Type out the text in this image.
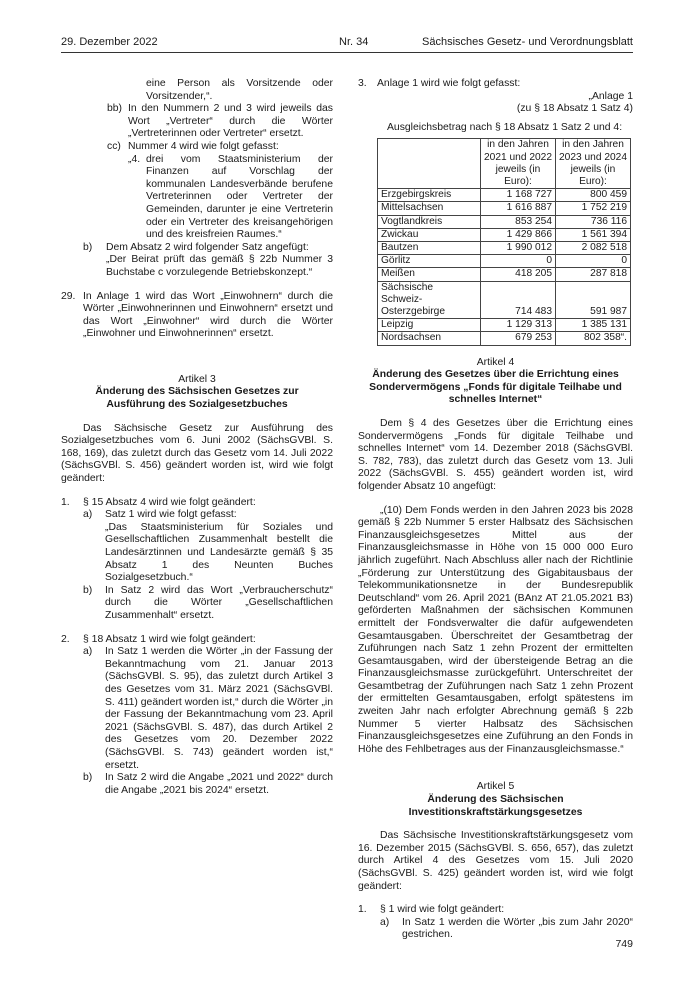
29. Dezember 2022	Nr. 34	Sächsisches Gesetz- und Verordnungsblatt

eine Person als Vorsitzende oder Vorsitzender,“.

bb) In den Nummern 2 und 3 wird jeweils das Wort „Vertreter“ durch die Wörter „Vertreterinnen oder Vertreter“ ersetzt.

cc) Nummer 4 wird wie folgt gefasst:

„4. drei vom Staatsministerium der Finanzen auf Vorschlag der kommunalen Landesverbände berufene Vertreterinnen oder Vertreter der Gemeinden, darunter je eine Vertreterin oder ein Vertreter des kreisangehörigen und des kreisfreien Raumes.“

b)	Dem Absatz 2 wird folgender Satz angefügt:

„Der Beirat prüft das gemäß § 22b Nummer 3 Buchstabe c vorzulegende Betriebskonzept.“

29. In Anlage 1 wird das Wort „Einwohnern“ durch die Wörter „Einwohnerinnen und Einwohnern“ ersetzt und das Wort „Einwohner“ wird durch die Wörter „Einwohner und Einwohnerinnen“ ersetzt.

Artikel 3

Änderung des Sächsischen Gesetzes zur Ausführung des Sozialgesetzbuches

Das Sächsische Gesetz zur Ausführung des Sozialgesetzbuches vom 6. Juni 2002 (SächsGVBl. S. 168, 169), das zuletzt durch das Gesetz vom 14. Juli 2022 (SächsGVBl. S. 456) geändert worden ist, wird wie folgt geändert:

1.	§ 15 Absatz 4 wird wie folgt geändert:

a)	Satz 1 wird wie folgt gefasst:

„Das Staatsministerium für Soziales und Gesellschaftlichen Zusammenhalt bestellt die Landesärztinnen und Landesärzte gemäß § 35 Absatz 1 des Neunten Buches Sozialgesetzbuch.“

b)	In Satz 2 wird das Wort „Verbraucherschutz“ durch die Wörter „Gesellschaftlichen Zusammenhalt“ ersetzt.

2.	§ 18 Absatz 1 wird wie folgt geändert:

a)	In Satz 1 werden die Wörter „in der Fassung der Bekanntmachung vom 21. Januar 2013 (SächsGVBl. S. 95), das zuletzt durch Artikel 3 des Gesetzes vom 31. März 2021 (SächsGVBl. S. 411) geändert worden ist,“ durch die Wörter „in der Fassung der Bekanntmachung vom 23. April 2021 (SächsGVBl. S. 487), das durch Artikel 2 des Gesetzes vom 20. Dezember 2022 (SächsGVBl. S. 743) geändert worden ist,“ ersetzt.

b)	In Satz 2 wird die Angabe „2021 und 2022“ durch die Angabe „2021 bis 2024“ ersetzt.

3. Anlage 1 wird wie folgt gefasst:

„Anlage 1

(zu § 18 Absatz 1 Satz 4)

Ausgleichsbetrag nach § 18 Absatz 1 Satz 2 und 4:

	in den Jahren 2021 und 2022 jeweils (in Euro):	in den Jahren 2023 und 2024 jeweils (in Euro):
Erzgebirgskreis	1 168 727	800 459
Mittelsachsen	1 616 887	1 752 219
Vogtlandkreis	853 254	736 116
Zwickau	1 429 866	1 561 394
Bautzen	1 990 012	2 082 518
Görlitz	0	0
Meißen	418 205	287 818
Sächsische Schweiz-Osterzgebirge	714 483	591 987
Leipzig	1 129 313	1 385 131
Nordsachsen	679 253	802 358“.

Artikel 4

Änderung des Gesetzes über die Errichtung eines Sondervermögens „Fonds für digitale Teilhabe und schnelles Internet“

Dem § 4 des Gesetzes über die Errichtung eines Sondervermögens „Fonds für digitale Teilhabe und schnelles Internet“ vom 14. Dezember 2018 (SächsGVBl. S. 782, 783), das zuletzt durch das Gesetz vom 13. Juli 2022 (SächsGVBl. S. 455) geändert worden ist, wird folgender Absatz 10 angefügt:

„(10) Dem Fonds werden in den Jahren 2023 bis 2028 gemäß § 22b Nummer 5 erster Halbsatz des Sächsischen Finanzausgleichsgesetzes Mittel aus der Finanzausgleichsmasse in Höhe von 15 000 000 Euro jährlich zugeführt. Nach Abschluss aller nach der Richtlinie „Förderung zur Unterstützung des Gigabitausbaus der Telekommunikationsnetze in der Bundesrepublik Deutschland“ vom 26. April 2021 (BAnz AT 21.05.2021 B3) geförderten Maßnahmen der sächsischen Kommunen ermittelt der Fondsverwalter die dafür aufgewendeten Gesamtausgaben. Überschreitet der Gesamtbetrag der Zuführungen nach Satz 1 zehn Prozent der ermittelten Gesamtausgaben, wird der übersteigende Betrag an die Finanzausgleichsmasse zurückgeführt. Unterschreitet der Gesamtbetrag der Zuführungen nach Satz 1 zehn Prozent der ermittelten Gesamtausgaben, erfolgt spätestens im zweiten Jahr nach erfolgter Abrechnung gemäß § 22b Nummer 5 vierter Halbsatz des Sächsischen Finanzausgleichsgesetzes eine Zuführung an den Fonds in Höhe des Fehlbetrages aus der Finanzausgleichsmasse.“

Artikel 5

Änderung des Sächsischen Investitionskraftstärkungsgesetzes

Das Sächsische Investitionskraftstärkungsgesetz vom 16. Dezember 2015 (SächsGVBl. S. 656, 657), das zuletzt durch Artikel 4 des Gesetzes vom 15. Juli 2020 (SächsGVBl. S. 425) geändert worden ist, wird wie folgt geändert:

1.	§ 1 wird wie folgt geändert:

a)	In Satz 1 werden die Wörter „bis zum Jahr 2020“ gestrichen.

749
